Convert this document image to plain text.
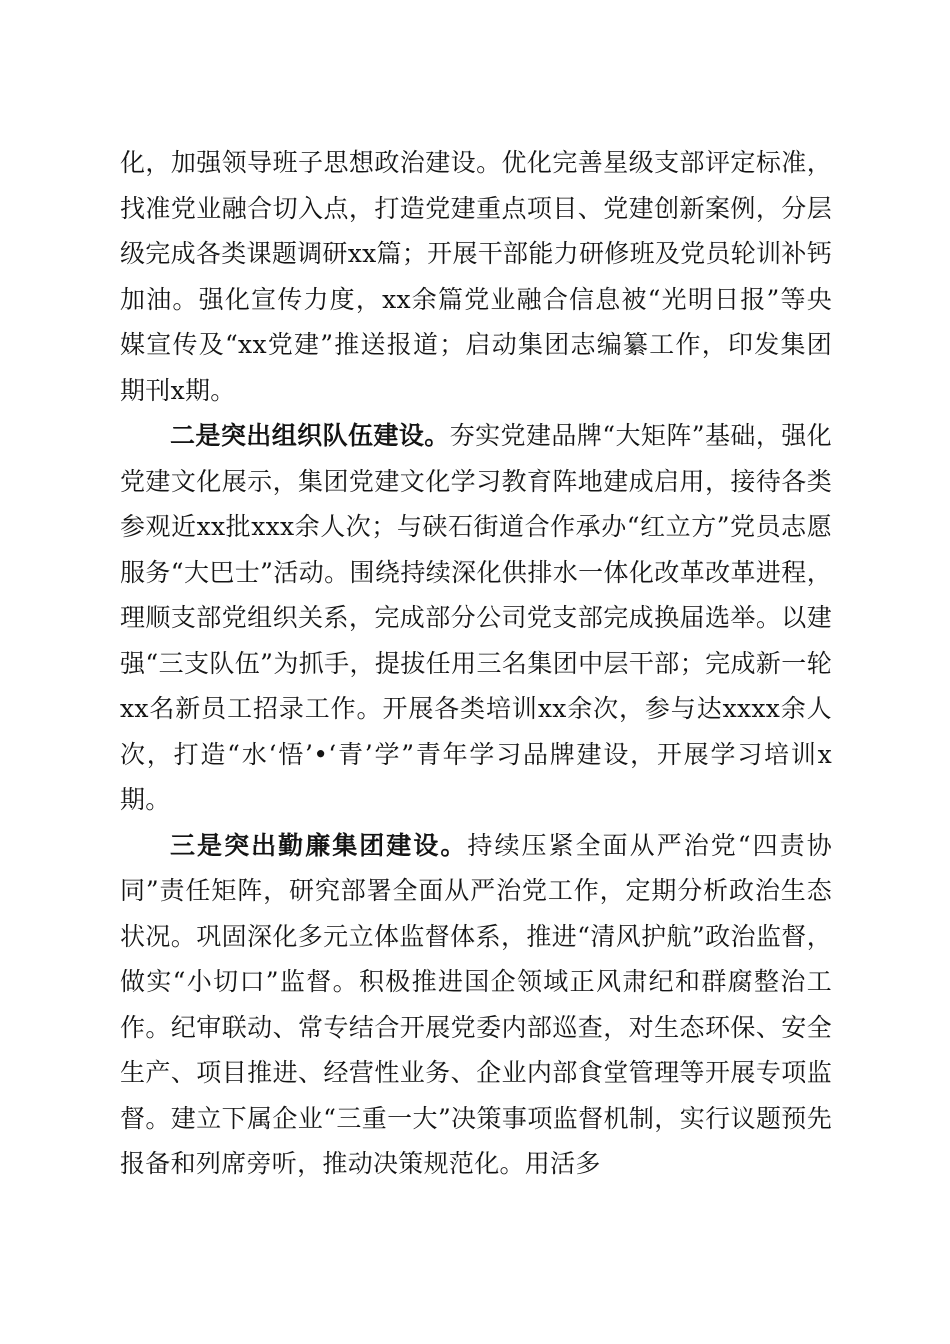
化，加强领导班子思想政治建设。优化完善星级支部评定标准，找准党业融合切入点，打造党建重点项目、党建创新案例，分层级完成各类课题调研xx篇；开展干部能力研修班及党员轮训补钙加油。强化宣传力度，xx余篇党业融合信息被“光明日报”等央媒宣传及“xx党建”推送报道；启动集团志编纂工作，印发集团期刊x期。

二是突出组织队伍建设。夯实党建品牌“大矩阵”基础，强化党建文化展示，集团党建文化学习教育阵地建成启用，接待各类参观近xx批xxx余人次；与硖石街道合作承办“红立方”党员志愿服务“大巴士”活动。围绕持续深化供排水一体化改革改革进程，理顺支部党组织关系，完成部分公司党支部完成换届选举。以建强“三支队伍”为抓手，提拔任用三名集团中层干部；完成新一轮xx名新员工招录工作。开展各类培训xx余次，参与达xxxx余人次，打造“水‘悟’•‘青’学”青年学习品牌建设，开展学习培训x期。

三是突出勤廉集团建设。持续压紧全面从严治党“四责协同”责任矩阵，研究部署全面从严治党工作，定期分析政治生态状况。巩固深化多元立体监督体系，推进“清风护航”政治监督，做实“小切口”监督。积极推进国企领域正风肃纪和群腐整治工作。纪审联动、常专结合开展党委内部巡查，对生态环保、安全生产、项目推进、经营性业务、企业内部食堂管理等开展专项监督。建立下属企业“三重一大”决策事项监督机制，实行议题预先报备和列席旁听，推动决策规范化。用活多
